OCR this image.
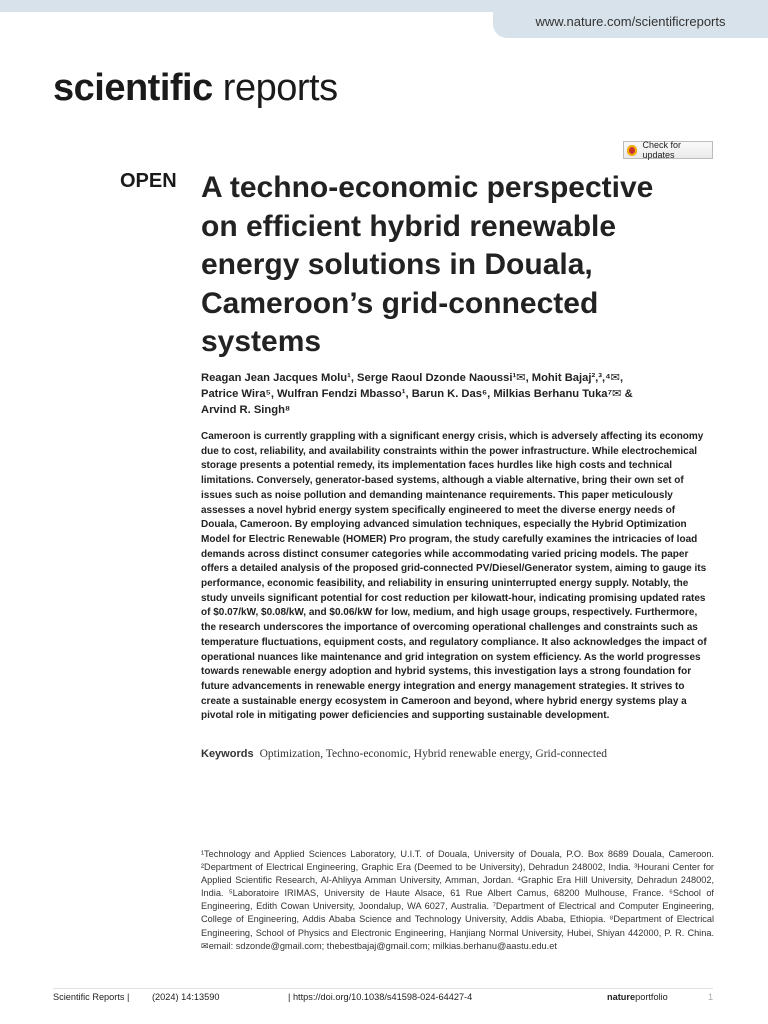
www.nature.com/scientificreports
scientific reports
Check for updates
OPEN A techno-economic perspective on efficient hybrid renewable energy solutions in Douala, Cameroon’s grid-connected systems
Reagan Jean Jacques Molu¹, Serge Raoul Dzonde Naoussi¹✉, Mohit Bajaj²,³,⁴✉,
Patrice Wira⁵, Wulfran Fendzi Mbasso¹, Barun K. Das⁶, Milkias Berhanu Tuka⁷✉ &
Arvind R. Singh⁸

Cameroon is currently grappling with a significant energy crisis, which is adversely affecting its economy due to cost, reliability, and availability constraints within the power infrastructure. While electrochemical storage presents a potential remedy, its implementation faces hurdles like high costs and technical limitations. Conversely, generator-based systems, although a viable alternative, bring their own set of issues such as noise pollution and demanding maintenance requirements. This paper meticulously assesses a novel hybrid energy system specifically engineered to meet the diverse energy needs of Douala, Cameroon. By employing advanced simulation techniques, especially the Hybrid Optimization Model for Electric Renewable (HOMER) Pro program, the study carefully examines the intricacies of load demands across distinct consumer categories while accommodating varied pricing models. The paper offers a detailed analysis of the proposed grid-connected PV/Diesel/Generator system, aiming to gauge its performance, economic feasibility, and reliability in ensuring uninterrupted energy supply. Notably, the study unveils significant potential for cost reduction per kilowatt-hour, indicating promising updated rates of $0.07/kW, $0.08/kW, and $0.06/kW for low, medium, and high usage groups, respectively. Furthermore, the research underscores the importance of overcoming operational challenges and constraints such as temperature fluctuations, equipment costs, and regulatory compliance. It also acknowledges the impact of operational nuances like maintenance and grid integration on system efficiency. As the world progresses towards renewable energy adoption and hybrid systems, this investigation lays a strong foundation for future advancements in renewable energy integration and energy management strategies. It strives to create a sustainable energy ecosystem in Cameroon and beyond, where hybrid energy systems play a pivotal role in mitigating power deficiencies and supporting sustainable development.

Keywords Optimization, Techno-economic, Hybrid renewable energy, Grid-connected

¹Technology and Applied Sciences Laboratory, U.I.T. of Douala, University of Douala, P.O. Box 8689 Douala, Cameroon. ²Department of Electrical Engineering, Graphic Era (Deemed to be University), Dehradun 248002, India. ³Hourani Center for Applied Scientific Research, Al-Ahliyya Amman University, Amman, Jordan. ⁴Graphic Era Hill University, Dehradun 248002, India. ⁵Laboratoire IRIMAS, University de Haute Alsace, 61 Rue Albert Camus, 68200 Mulhouse, France. ⁶School of Engineering, Edith Cowan University, Joondalup, WA 6027, Australia. ⁷Department of Electrical and Computer Engineering, College of Engineering, Addis Ababa Science and Technology University, Addis Ababa, Ethiopia. ⁸Department of Electrical Engineering, School of Physics and Electronic Engineering, Hanjiang Normal University, Hubei, Shiyan 442000, P. R. China. ✉email: sdzonde@gmail.com; thebestbajaj@gmail.com; milkias.berhanu@aastu.edu.et

Scientific Reports | (2024) 14:13590	| https://doi.org/10.1038/s41598-024-64427-4	natureportfolio	1
